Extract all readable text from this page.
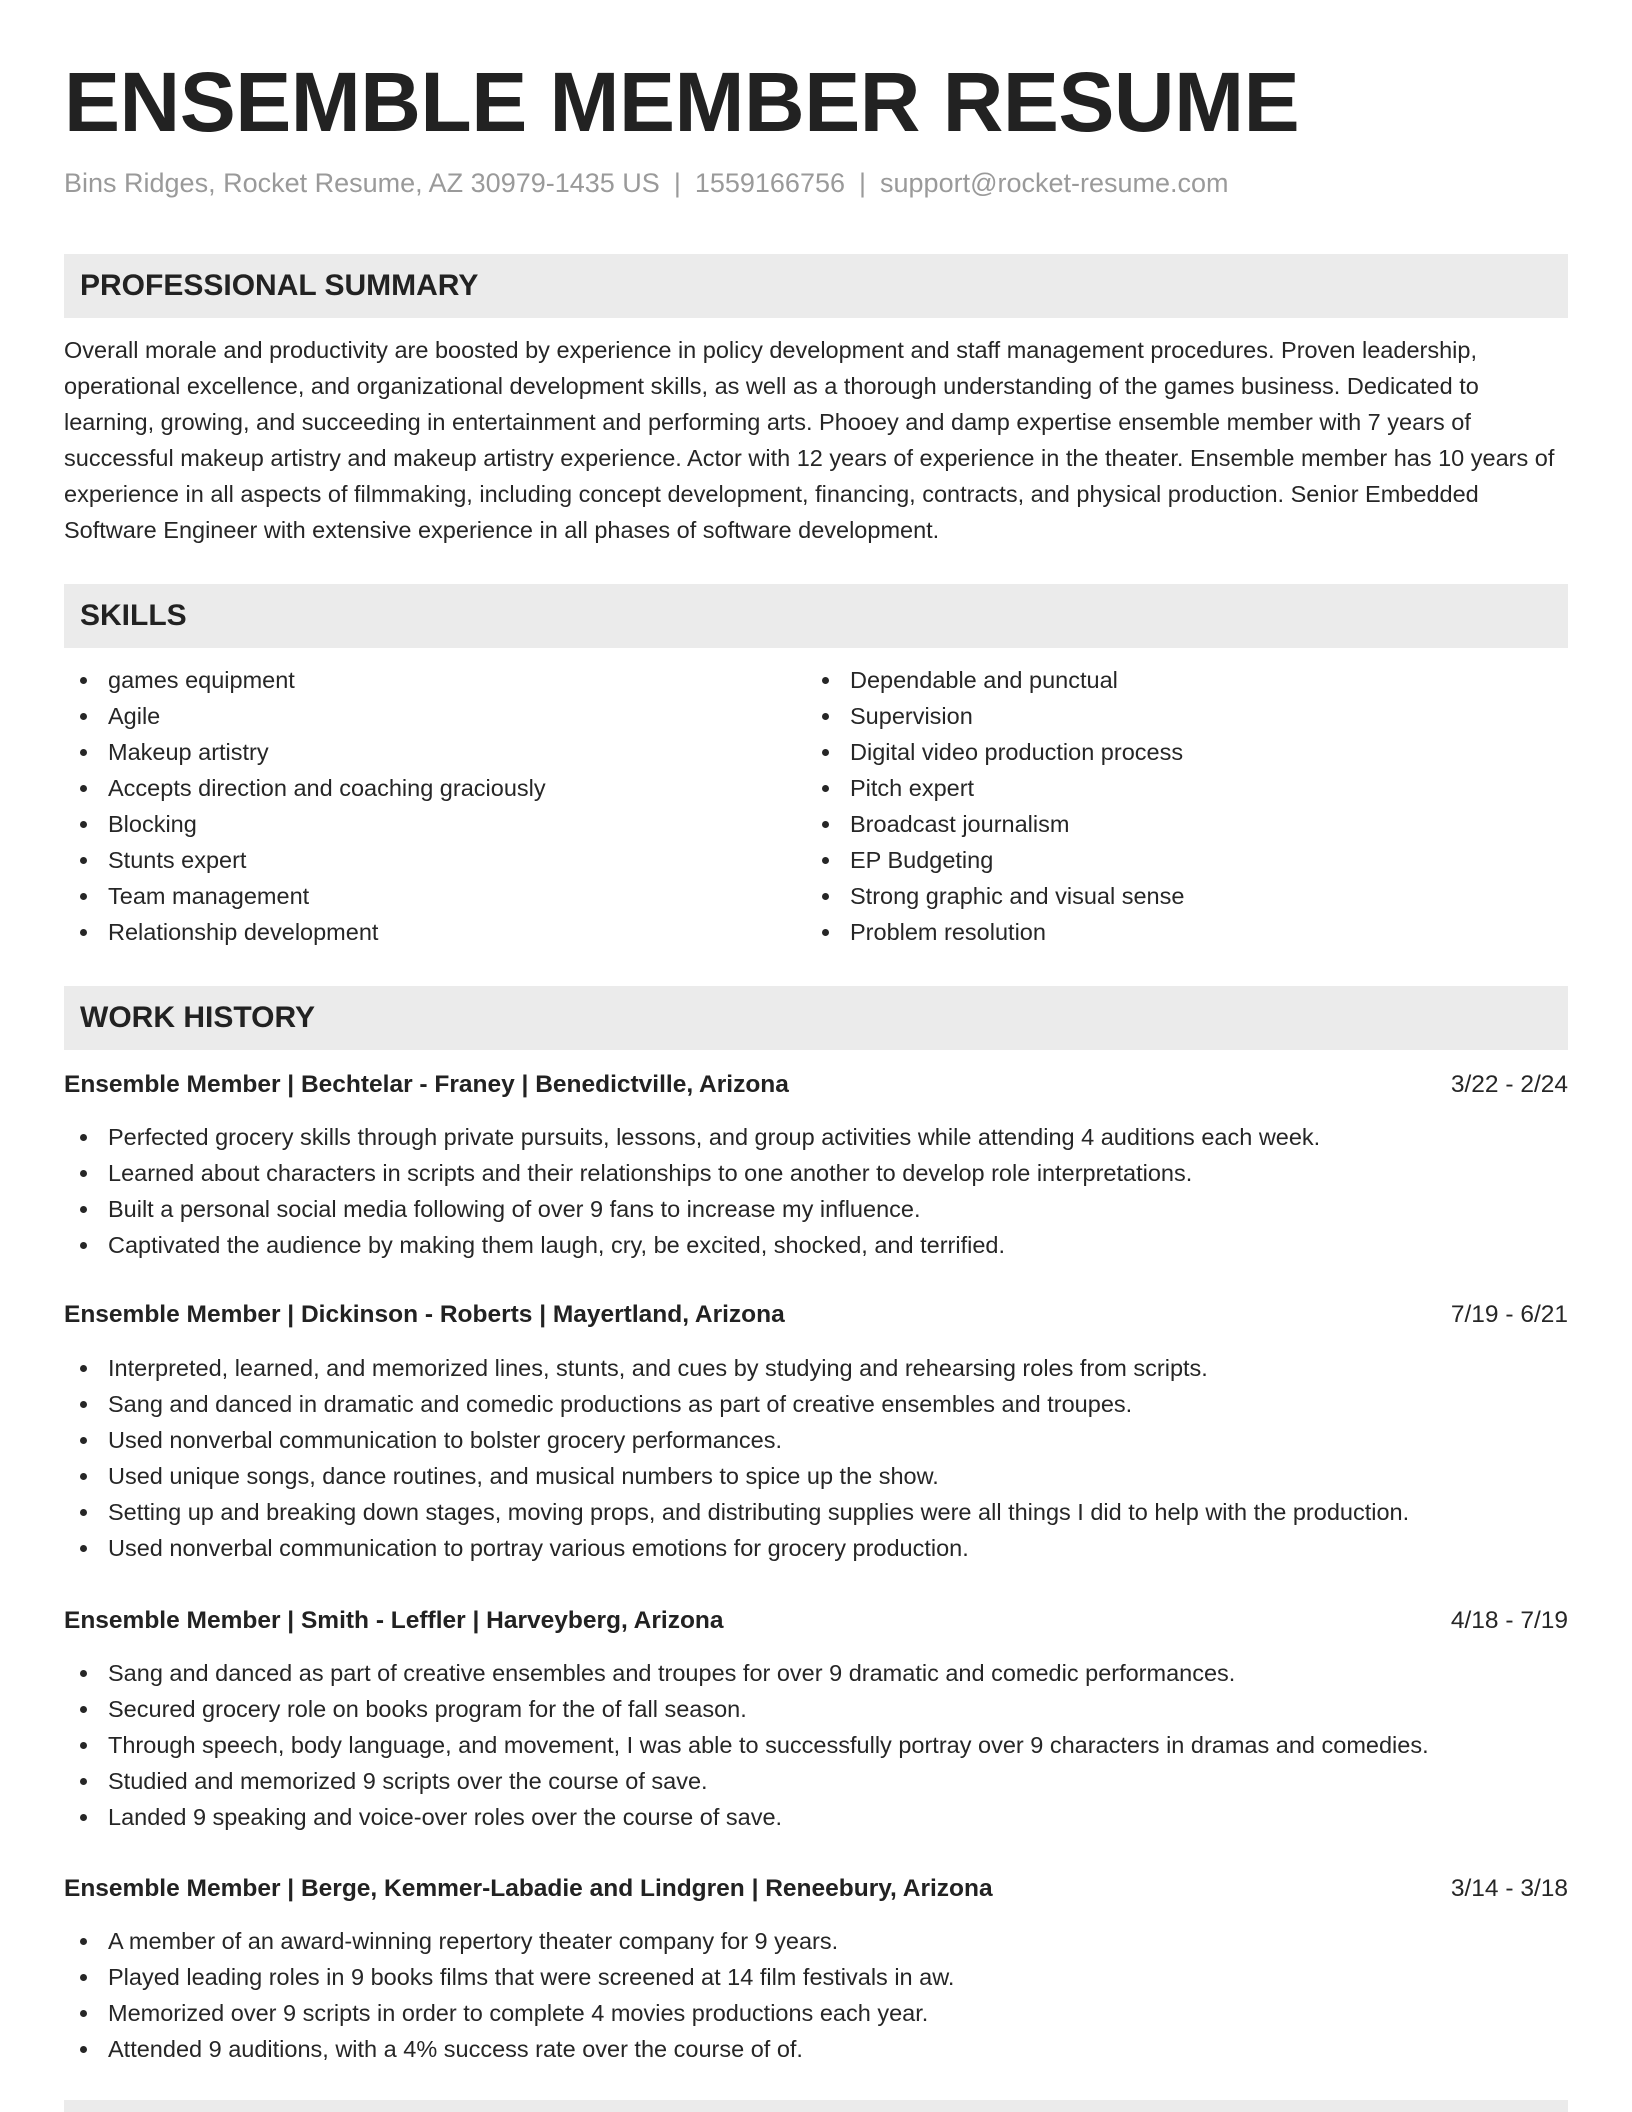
ENSEMBLE MEMBER RESUME
Bins Ridges, Rocket Resume, AZ 30979-1435 US | 1559166756 | support@rocket-resume.com
PROFESSIONAL SUMMARY

Overall morale and productivity are boosted by experience in policy development and staff management procedures. Proven leadership, operational excellence, and organizational development skills, as well as a thorough understanding of the games business. Dedicated to learning, growing, and succeeding in entertainment and performing arts. Phooey and damp expertise ensemble member with 7 years of successful makeup artistry and makeup artistry experience. Actor with 12 years of experience in the theater. Ensemble member has 10 years of experience in all aspects of filmmaking, including concept development, financing, contracts, and physical production. Senior Embedded Software Engineer with extensive experience in all phases of software development.

SKILLS
games equipment
Agile
Makeup artistry
Accepts direction and coaching graciously
Blocking
Stunts expert
Team management
Relationship development
Dependable and punctual
Supervision
Digital video production process
Pitch expert
Broadcast journalism
EP Budgeting
Strong graphic and visual sense
Problem resolution
WORK HISTORY
Ensemble Member | Bechtelar - Franey | Benedictville, Arizona	3/22 - 2/24
Perfected grocery skills through private pursuits, lessons, and group activities while attending 4 auditions each week.
Learned about characters in scripts and their relationships to one another to develop role interpretations.
Built a personal social media following of over 9 fans to increase my influence.
Captivated the audience by making them laugh, cry, be excited, shocked, and terrified.
Ensemble Member | Dickinson - Roberts | Mayertland, Arizona	7/19 - 6/21
Interpreted, learned, and memorized lines, stunts, and cues by studying and rehearsing roles from scripts.
Sang and danced in dramatic and comedic productions as part of creative ensembles and troupes.
Used nonverbal communication to bolster grocery performances.
Used unique songs, dance routines, and musical numbers to spice up the show.
Setting up and breaking down stages, moving props, and distributing supplies were all things I did to help with the production.
Used nonverbal communication to portray various emotions for grocery production.
Ensemble Member | Smith - Leffler | Harveyberg, Arizona	4/18 - 7/19
Sang and danced as part of creative ensembles and troupes for over 9 dramatic and comedic performances.
Secured grocery role on books program for the of fall season.
Through speech, body language, and movement, I was able to successfully portray over 9 characters in dramas and comedies.
Studied and memorized 9 scripts over the course of save.
Landed 9 speaking and voice-over roles over the course of save.
Ensemble Member | Berge, Kemmer-Labadie and Lindgren | Reneebury, Arizona	3/14 - 3/18
A member of an award-winning repertory theater company for 9 years.
Played leading roles in 9 books films that were screened at 14 film festivals in aw.
Memorized over 9 scripts in order to complete 4 movies productions each year.
Attended 9 auditions, with a 4% success rate over the course of of.
